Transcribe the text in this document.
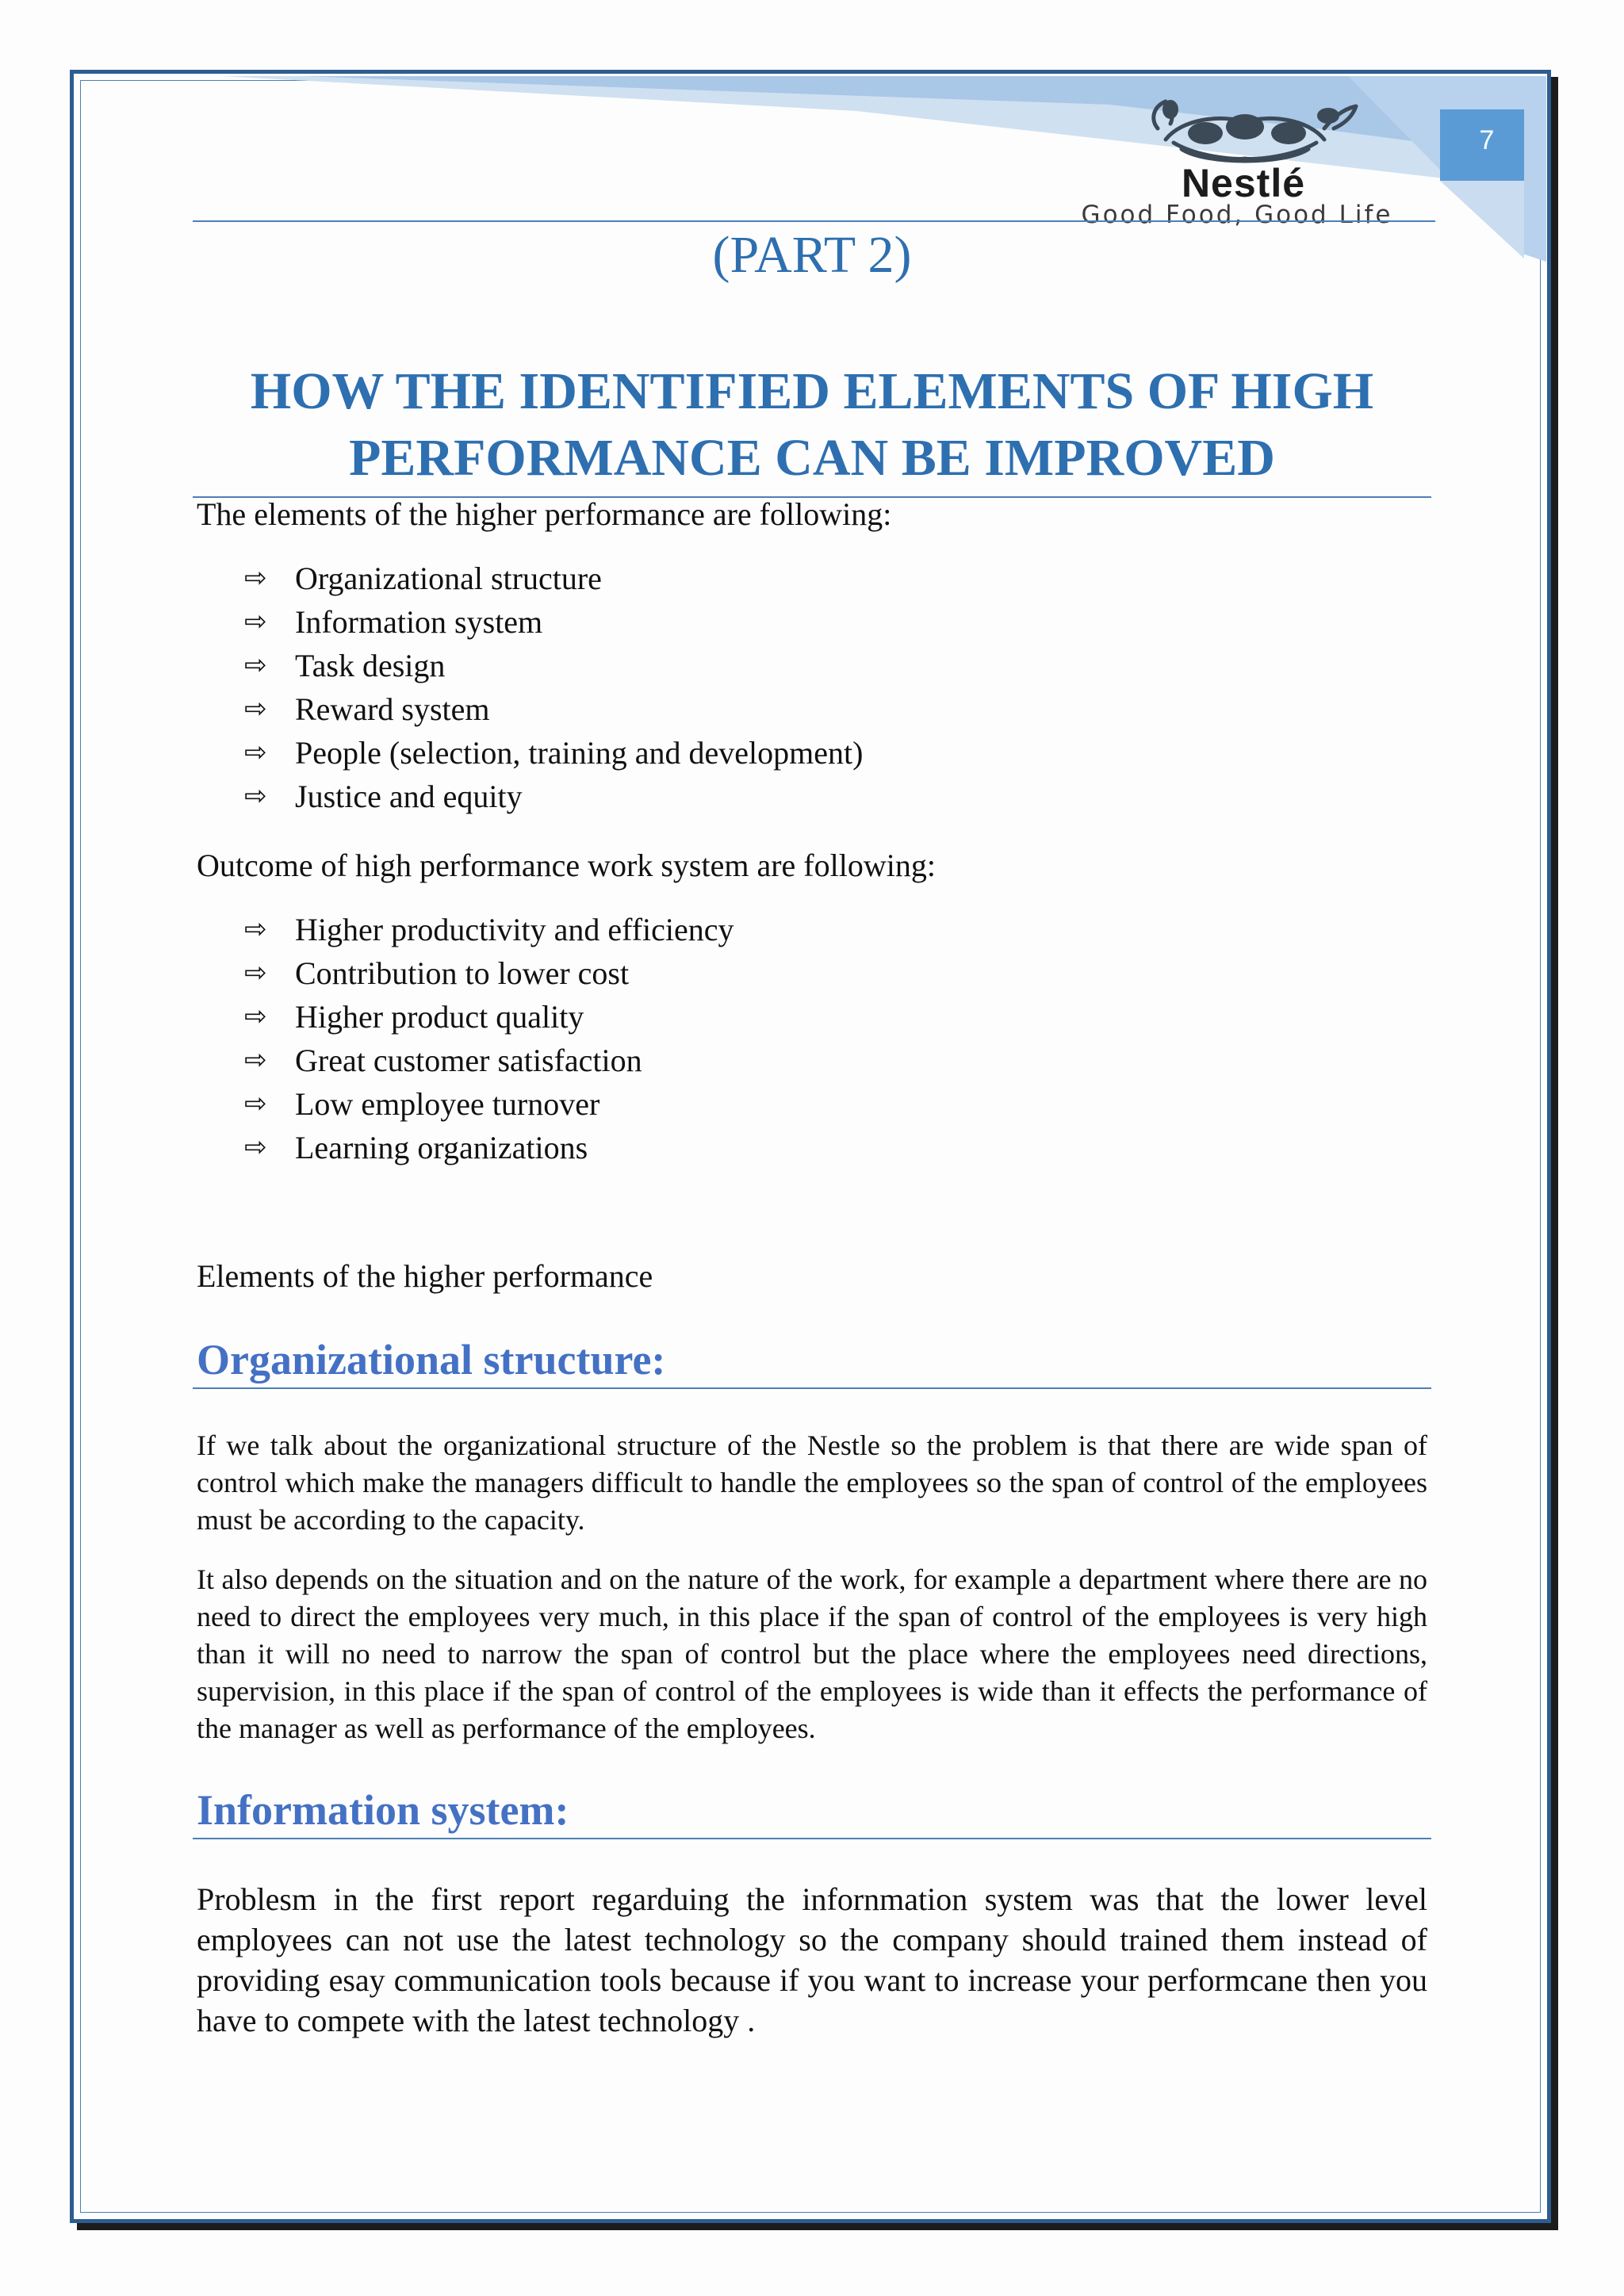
7
Nestlé
Good Food, Good Life
(PART 2)
HOW THE IDENTIFIED ELEMENTS OF HIGH
PERFORMANCE CAN BE IMPROVED
The elements of the higher performance are following:
⇨ Organizational structure
⇨ Information system
⇨ Task design
⇨ Reward system
⇨ People (selection, training and development)
⇨ Justice and equity
Outcome of high performance work system are following:
⇨ Higher productivity and efficiency
⇨ Contribution to lower cost
⇨ Higher product quality
⇨ Great customer satisfaction
⇨ Low employee turnover
⇨ Learning organizations
Elements of the higher performance
Organizational structure:

If we talk about the organizational structure of the Nestle so the problem is that there are wide span of control which make the managers difficult to handle the employees so the span of control of the employees must be according to the capacity.

It also depends on the situation and on the nature of the work, for example a department where there are no need to direct the employees very much, in this place if the span of control of the employees is very high than it will no need to narrow the span of control but the place where the employees need directions, supervision, in this place if the span of control of the employees is wide than it effects the performance of the manager as well as performance of the employees.

Information system:

Problesm in the first report regarduing the infornmation system was that the lower level employees can not use the latest technology so the company should trained them instead of providing esay communication tools because if you want to increase your performcane then you have to compete with the latest technology .
